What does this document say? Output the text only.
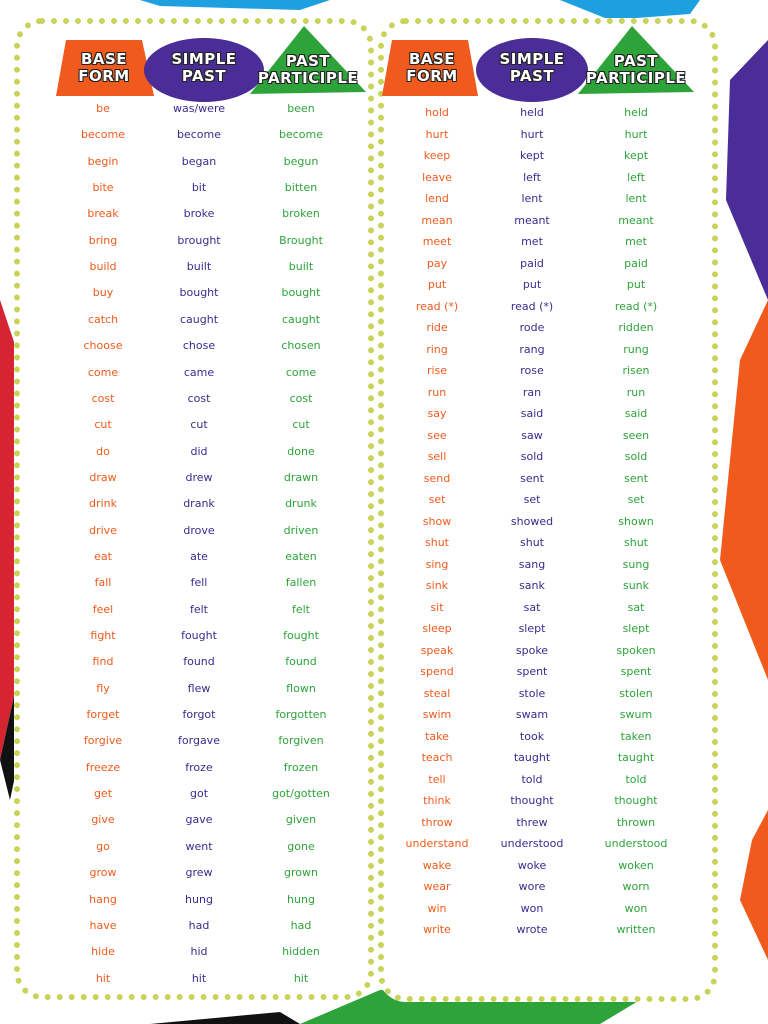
BASE
FORM
SIMPLE
PAST
PAST
PARTICIPLE
be
become
begin
bite
break
bring
build
buy
catch
choose
come
cost
cut
do
draw
drink
drive
eat
fall
feel
fight
find
fly
forget
forgive
freeze
get
give
go
grow
hang
have
hide
hit
was/were
become
began
bit
broke
brought
built
bought
caught
chose
came
cost
cut
did
drew
drank
drove
ate
fell
felt
fought
found
flew
forgot
forgave
froze
got
gave
went
grew
hung
had
hid
hit
been
become
begun
bitten
broken
Brought
built
bought
caught
chosen
come
cost
cut
done
drawn
drunk
driven
eaten
fallen
felt
fought
found
flown
forgotten
forgiven
frozen
got/gotten
given
gone
grown
hung
had
hidden
hit
BASE
FORM
SIMPLE
PAST
PAST
PARTICIPLE
hold
hurt
keep
leave
lend
mean
meet
pay
put
read (*)
ride
ring
rise
run
say
see
sell
send
set
show
shut
sing
sink
sit
sleep
speak
spend
steal
swim
take
teach
tell
think
throw
understand
wake
wear
win
write
held
hurt
kept
left
lent
meant
met
paid
put
read (*)
rode
rang
rose
ran
said
saw
sold
sent
set
showed
shut
sang
sank
sat
slept
spoke
spent
stole
swam
took
taught
told
thought
threw
understood
woke
wore
won
wrote
held
hurt
kept
left
lent
meant
met
paid
put
read (*)
ridden
rung
risen
run
said
seen
sold
sent
set
shown
shut
sung
sunk
sat
slept
spoken
spent
stolen
swum
taken
taught
told
thought
thrown
understood
woken
worn
won
written
